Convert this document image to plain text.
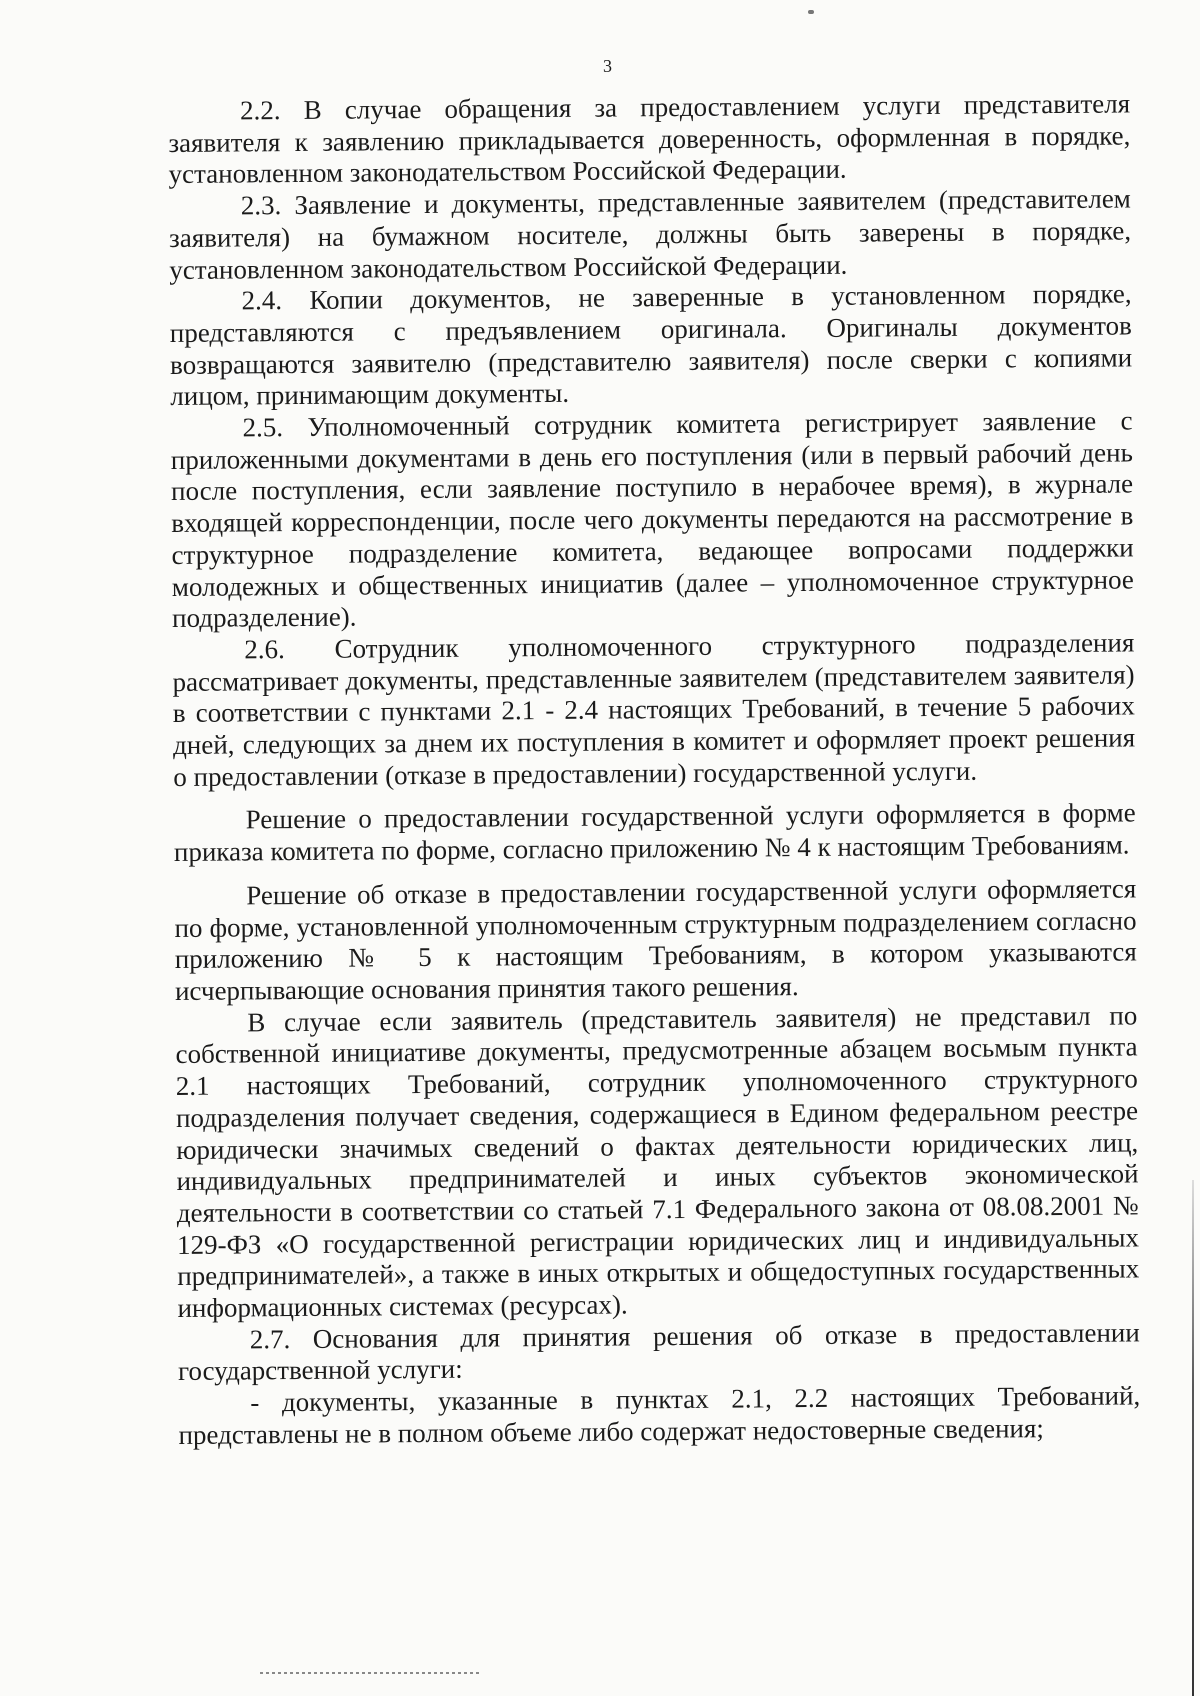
3

2.2. В случае обращения за предоставлением услуги представителя заявителя к заявлению прикладывается доверенность, оформленная в порядке, установленном законодательством Российской Федерации.

2.3. Заявление и документы, представленные заявителем (представителем заявителя) на бумажном носителе, должны быть заверены в порядке, установленном законодательством Российской Федерации.

2.4. Копии документов, не заверенные в установленном порядке, представляются с предъявлением оригинала. Оригиналы документов возвращаются заявителю (представителю заявителя) после сверки с копиями лицом, принимающим документы.

2.5. Уполномоченный сотрудник комитета регистрирует заявление с приложенными документами в день его поступления (или в первый рабочий день после поступления, если заявление поступило в нерабочее время), в журнале входящей корреспонденции, после чего документы передаются на рассмотрение в структурное подразделение комитета, ведающее вопросами поддержки молодежных и общественных инициатив (далее – уполномоченное структурное подразделение).

2.6. Сотрудник уполномоченного структурного подразделения рассматривает документы, представленные заявителем (представителем заявителя) в соответствии с пунктами 2.1 - 2.4 настоящих Требований, в течение 5 рабочих дней, следующих за днем их поступления в комитет и оформляет проект решения о предоставлении (отказе в предоставлении) государственной услуги.

Решение о предоставлении государственной услуги оформляется в форме приказа комитета по форме, согласно приложению № 4 к настоящим Требованиям.

Решение об отказе в предоставлении государственной услуги оформляется по форме, установленной уполномоченным структурным подразделением согласно приложению № 5 к настоящим Требованиям, в котором указываются исчерпывающие основания принятия такого решения.

В случае если заявитель (представитель заявителя) не представил по собственной инициативе документы, предусмотренные абзацем восьмым пункта 2.1 настоящих Требований, сотрудник уполномоченного структурного подразделения получает сведения, содержащиеся в Едином федеральном реестре юридически значимых сведений о фактах деятельности юридических лиц, индивидуальных предпринимателей и иных субъектов экономической деятельности в соответствии со статьей 7.1 Федерального закона от 08.08.2001 № 129-ФЗ «О государственной регистрации юридических лиц и индивидуальных предпринимателей», а также в иных открытых и общедоступных государственных информационных системах (ресурсах).

2.7. Основания для принятия решения об отказе в предоставлении государственной услуги:

- документы, указанные в пунктах 2.1, 2.2 настоящих Требований, представлены не в полном объеме либо содержат недостоверные сведения;
